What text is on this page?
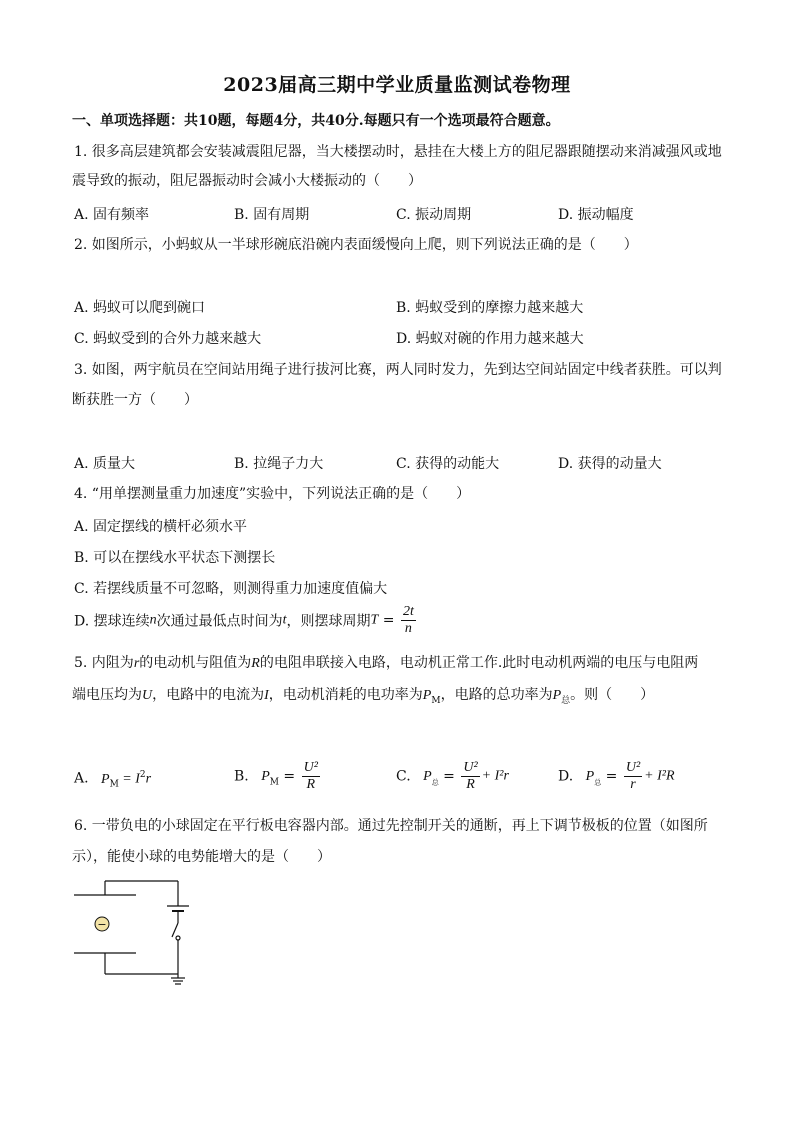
2023届高三期中学业质量监测试卷物理
一、单项选择题：共10题，每题4分，共40分.每题只有一个选项最符合题意。
1. 很多高层建筑都会安装减震阻尼器，当大楼摆动时，悬挂在大楼上方的阻尼器跟随摆动来消减强风或地
震导致的振动，阻尼器振动时会减小大楼振动的（　　）
A. 固有频率	B. 固有周期	C. 振动周期	D. 振动幅度
2. 如图所示，小蚂蚁从一半球形碗底沿碗内表面缓慢向上爬，则下列说法正确的是（　　）
A. 蚂蚁可以爬到碗口	B. 蚂蚁受到的摩擦力越来越大
C. 蚂蚁受到的合外力越来越大	D. 蚂蚁对碗的作用力越来越大
3. 如图，两宇航员在空间站用绳子进行拔河比赛，两人同时发力，先到达空间站固定中线者获胜。可以判
断获胜一方（　　）
A. 质量大	B. 拉绳子力大	C. 获得的动能大	D. 获得的动量大
4. “用单摆测量重力加速度”实验中，下列说法正确的是（　　）
A. 固定摆线的横杆必须水平
B. 可以在摆线水平状态下测摆长
C. 若摆线质量不可忽略，则测得重力加速度值偏大
D. 摆球连续n次通过最低点时间为t，则摆球周期$T = \frac{2t}{n}$
5. 内阻为r的电动机与阻值为R的电阻串联接入电路，电动机正常工作.此时电动机两端的电压与电阻两
端电压均为U，电路中的电流为I，电动机消耗的电功率为$P_M$，电路的总功率为$P_总$。则（　　）
A. $P_M = I^2r$	B. $P_M = \frac{\text{U²}}{R}$	C. $P_总 = \frac{\text{U²}}{R} + I^2r$	D. $P_总 = \frac{\text{U²}}{r} + I^2R$
6. 一带负电的小球固定在平行板电容器内部。通过先控制开关的通断，再上下调节极板的位置（如图所
示），能使小球的电势能增大的是（　　）
−
